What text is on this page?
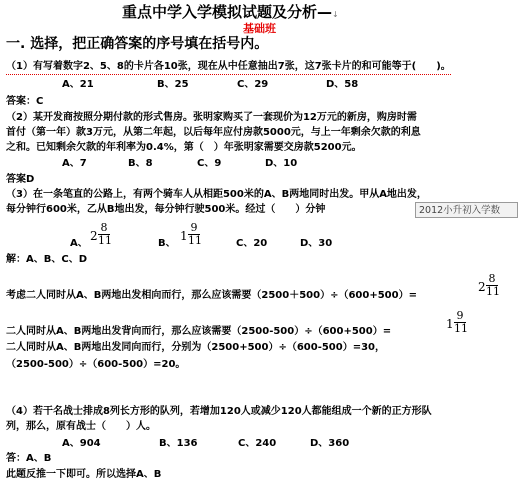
重点中学入学模拟试题及分析—↓
基础班
一. 选择，把正确答案的序号填在括号内。
（1）有写着数字2、5、8的卡片各10张，现在从中任意抽出7张，这7张卡片的和可能等于(　　)。
A、21	B、25	C、29	D、58
答案：C
（2）某开发商按照分期付款的形式售房。张明家购买了一套现价为12万元的新房，购房时需
首付（第一年）款3万元，从第二年起，以后每年应付房款5000元，与上一年剩余欠款的利息
之和。已知剩余欠款的年利率为0.4%，第（　）年张明家需要交房款5200元。
A、7	B、8	C、9	D、10
答案D
（3）在一条笔直的公路上，有两个骑车人从相距500米的A、B两地同时出发。甲从A地出发，
每分钟行600米，乙从B地出发，每分钟行驶500米。经过（　　）分钟	2012小升初入学数
A、
2
8
11	B、
1
9
11	C、20	D、30
解：A、B、C、D
考虑二人同时从A、B两地出发相向而行，那么应该需要（2500＋500）÷（600+500）=
2
8
11
二人同时从A、B两地出发背向而行，那么应该需要（2500-500）÷（600+500）=
1
9
11
二人同时从A、B两地出发同向而行，分别为（2500+500）÷（600-500）=30，
（2500-500）÷（600-500）=20。
（4）若干名战士排成8列长方形的队列，若增加120人或减少120人都能组成一个新的正方形队
列，那么，原有战士（　　）人。
A、904	B、136	C、240	D、360
答：A、B
此题反推一下即可。所以选择A、B
